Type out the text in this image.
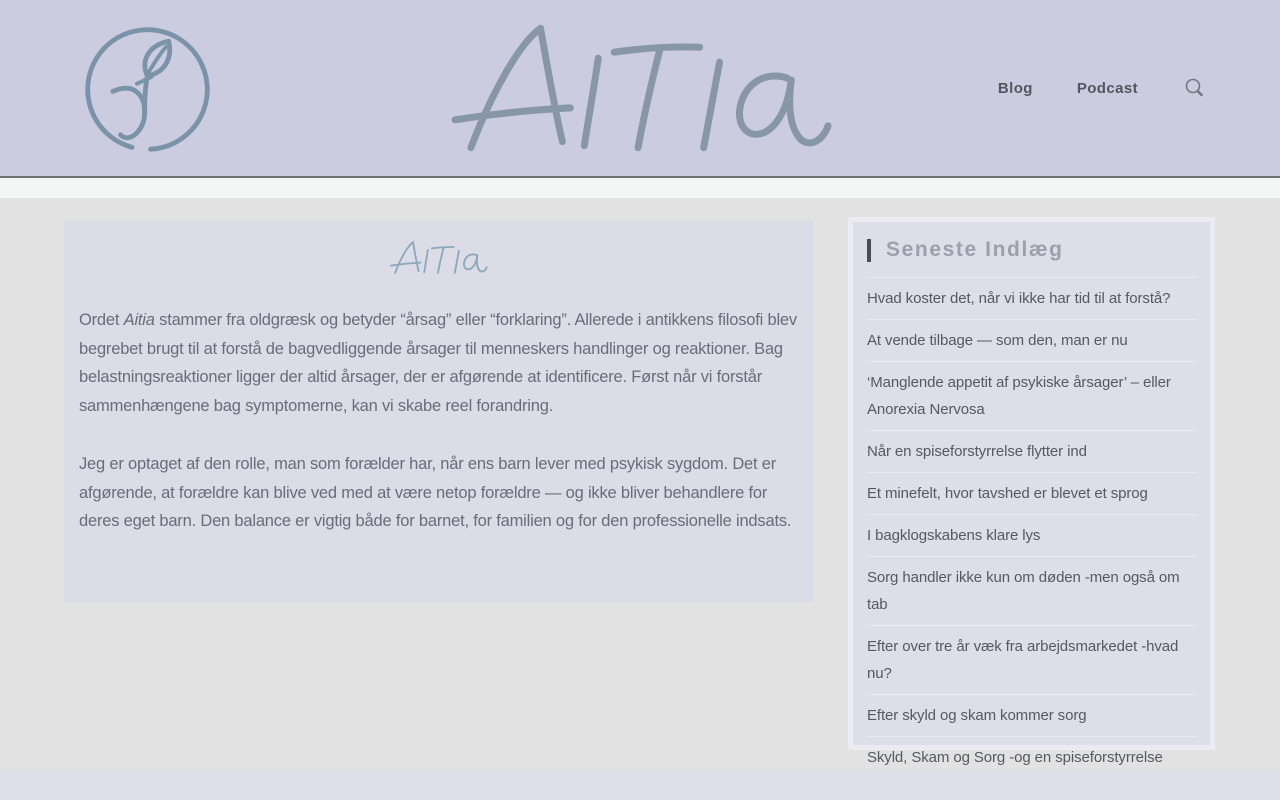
Blog	Podcast

Ordet Aitia stammer fra oldgræsk og betyder “årsag” eller “forklaring”. Allerede i antikkens filosofi blev begrebet brugt til at forstå de bagvedliggende årsager til menneskers handlinger og reaktioner. Bag belastningsreaktioner ligger der altid årsager, der er afgørende at identificere. Først når vi forstår sammenhængene bag symptomerne, kan vi skabe reel forandring.

Jeg er optaget af den rolle, man som forælder har, når ens barn lever med psykisk sygdom. Det er afgørende, at forældre kan blive ved med at være netop forældre — og ikke bliver behandlere for deres eget barn. Den balance er vigtig både for barnet, for familien og for den professionelle indsats.

Seneste Indlæg
Hvad koster det, når vi ikke har tid til at forstå?
At vende tilbage — som den, man er nu
‘Manglende appetit af psykiske årsager’ – eller Anorexia Nervosa
Når en spiseforstyrrelse flytter ind
Et minefelt, hvor tavshed er blevet et sprog
I bagklogskabens klare lys
Sorg handler ikke kun om døden -men også om tab
Efter over tre år væk fra arbejdsmarkedet -hvad nu?
Efter skyld og skam kommer sorg
Skyld, Skam og Sorg -og en spiseforstyrrelse
